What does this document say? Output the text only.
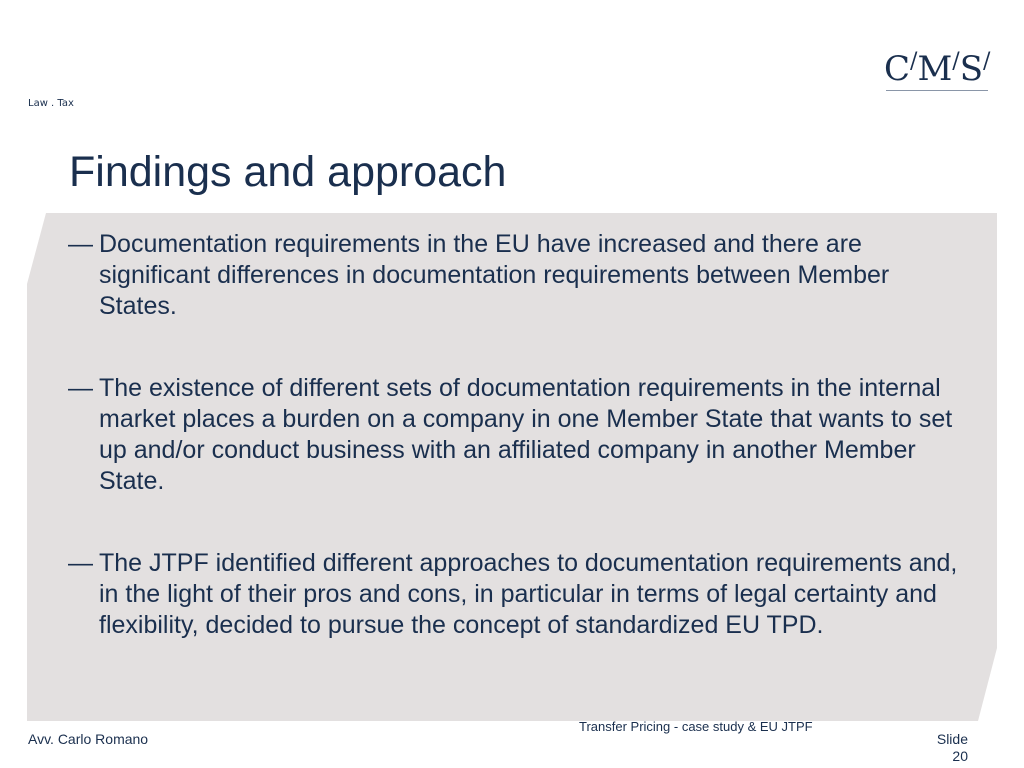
C/M/S/
Law . Tax
Findings and approach
— Documentation requirements in the EU have increased and there are significant differences in documentation requirements between Member States.
— The existence of different sets of documentation requirements in the internal market places a burden on a company in one Member State that wants to set up and/or conduct business with an affiliated company in another Member State.
— The JTPF identified different approaches to documentation requirements and, in the light of their pros and cons, in particular in terms of legal certainty and flexibility, decided to pursue the concept of standardized EU TPD.
Avv. Carlo Romano
Transfer Pricing - case study & EU JTPF
Slide 20
